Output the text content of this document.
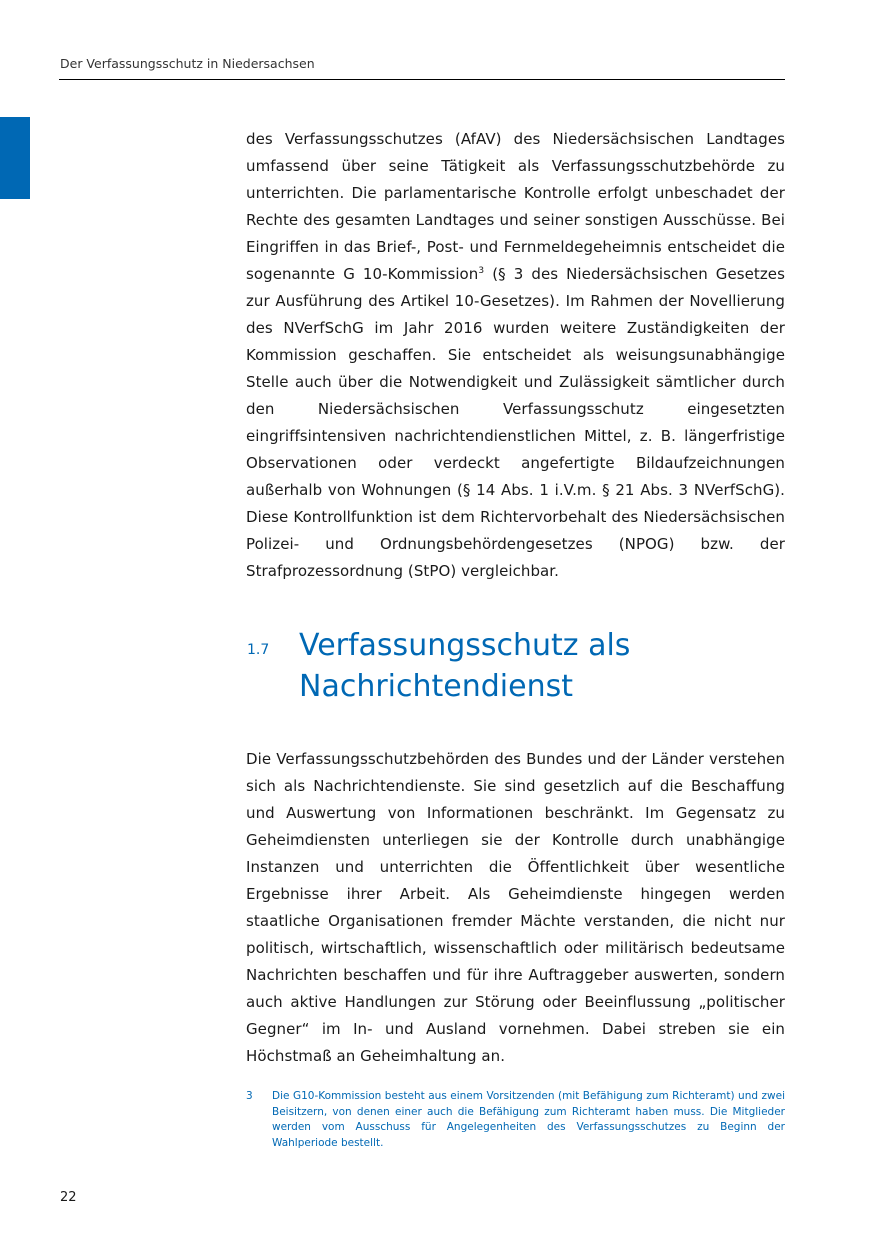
Der Verfassungsschutz in Niedersachsen

des Verfassungsschutzes (AfAV) des Niedersächsischen Landtages umfassend über seine Tätigkeit als Verfassungsschutzbehörde zu unterrichten. Die parlamentarische Kontrolle erfolgt unbeschadet der Rechte des gesamten Landtages und seiner sonstigen Ausschüsse. Bei Eingriffen in das Brief-, Post- und Fernmeldegeheimnis entscheidet die sogenannte G 10-Kommission$^3$ (§ 3 des Niedersächsischen Gesetzes zur Ausführung des Artikel 10-Gesetzes). Im Rahmen der Novellierung des NVerfSchG im Jahr 2016 wurden weitere Zuständigkeiten der Kommission geschaffen. Sie entscheidet als weisungsunabhängige Stelle auch über die Notwendigkeit und Zulässigkeit sämtlicher durch den Niedersächsischen Verfassungsschutz eingesetzten eingriffsintensiven nachrichtendienstlichen Mittel, z. B. längerfristige Observationen oder verdeckt angefertigte Bildaufzeichnungen außerhalb von Wohnungen (§ 14 Abs. 1 i.V.m. § 21 Abs. 3 NVerfSchG). Diese Kontrollfunktion ist dem Richtervorbehalt des Niedersächsischen Polizei- und Ordnungsbehördengesetzes (NPOG) bzw. der Strafprozessordnung (StPO) vergleichbar.

1.7 Verfassungsschutz als Nachrichtendienst

Die Verfassungsschutzbehörden des Bundes und der Länder verstehen sich als Nachrichtendienste. Sie sind gesetzlich auf die Beschaffung und Auswertung von Informationen beschränkt. Im Gegensatz zu Geheimdiensten unterliegen sie der Kontrolle durch unabhängige Instanzen und unterrichten die Öffentlichkeit über wesentliche Ergebnisse ihrer Arbeit. Als Geheimdienste hingegen werden staatliche Organisationen fremder Mächte verstanden, die nicht nur politisch, wirtschaftlich, wissenschaftlich oder militärisch bedeutsame Nachrichten beschaffen und für ihre Auftraggeber auswerten, sondern auch aktive Handlungen zur Störung oder Beeinflussung „politischer Gegner“ im In- und Ausland vornehmen. Dabei streben sie ein Höchstmaß an Geheimhaltung an.

3 Die G10-Kommission besteht aus einem Vorsitzenden (mit Befähigung zum Richteramt) und zwei Beisitzern, von denen einer auch die Befähigung zum Richteramt haben muss. Die Mitglieder werden vom Ausschuss für Angelegenheiten des Verfassungsschutzes zu Beginn der Wahlperiode bestellt.
22
